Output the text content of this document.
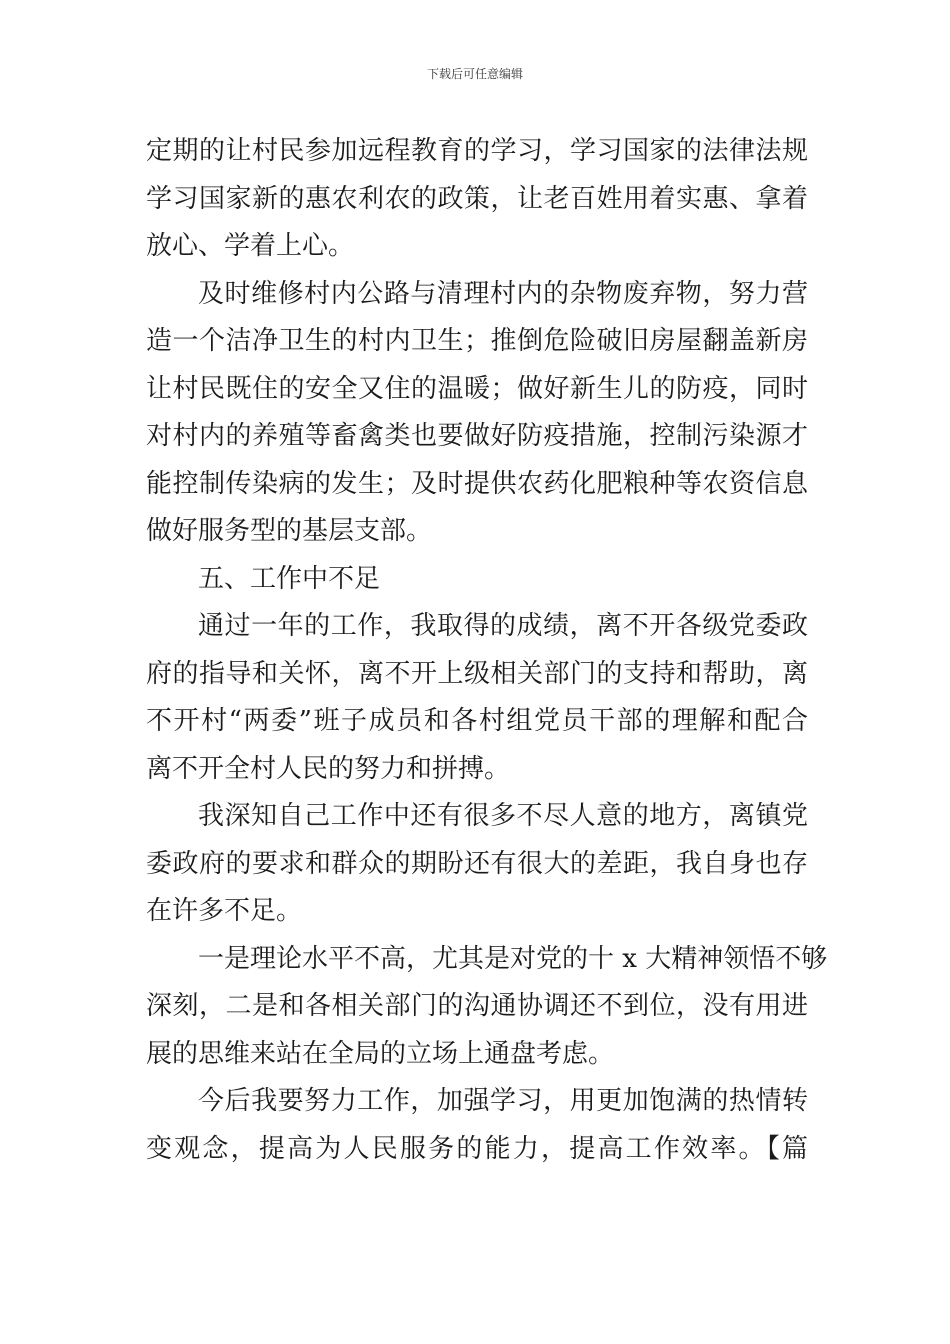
下载后可任意编辑
定期的让村民参加远程教育的学习，学习国家的法律法规
学习国家新的惠农利农的政策，让老百姓用着实惠、拿着
放心、学着上心。
及时维修村内公路与清理村内的杂物废弃物，努力营
造一个洁净卫生的村内卫生；推倒危险破旧房屋翻盖新房
让村民既住的安全又住的温暖；做好新生儿的防疫，同时
对村内的养殖等畜禽类也要做好防疫措施，控制污染源才
能控制传染病的发生；及时提供农药化肥粮种等农资信息
做好服务型的基层支部。
五、工作中不足
通过一年的工作，我取得的成绩，离不开各级党委政
府的指导和关怀，离不开上级相关部门的支持和帮助，离
不开村“两委”班子成员和各村组党员干部的理解和配合
离不开全村人民的努力和拼搏。
我深知自己工作中还有很多不尽人意的地方，离镇党
委政府的要求和群众的期盼还有很大的差距，我自身也存
在许多不足。
一是理论水平不高，尤其是对党的十 x 大精神领悟不够
深刻，二是和各相关部门的沟通协调还不到位，没有用进
展的思维来站在全局的立场上通盘考虑。
今后我要努力工作，加强学习，用更加饱满的热情转
变观念，提高为人民服务的能力，提高工作效率。【篇
